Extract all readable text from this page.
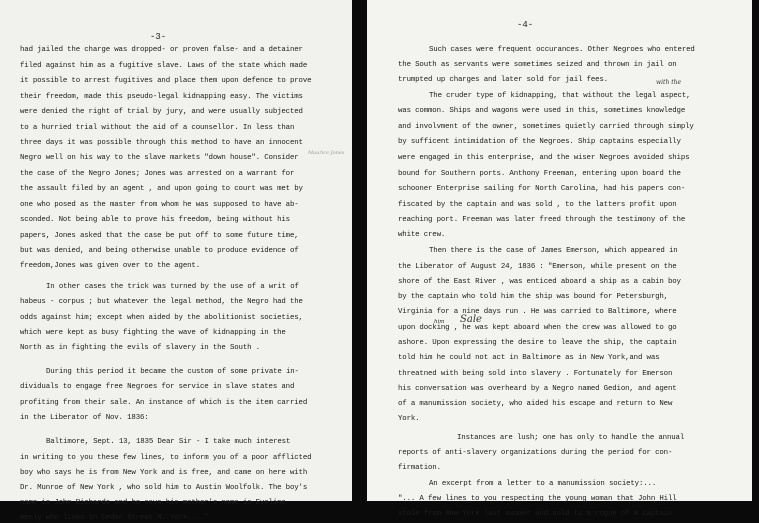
-3-
Maurice Jones
had jailed the charge was dropped- or proven false- and a detainer
filed against him as a fugitive slave. Laws of the state which made
it possible to arrest fugitives and place them upon defence to prove
their freedom, made this pseudo-legal kidnapping easy. The victims
were denied the right of trial by jury, and were usually subjected
to a hurried trial without the aid of a counsellor. In less than
three days it was possible through this method to have an innocent
Negro well on his way to the slave markets "down house". Consider
the case of the Negro Jones; Jones was arrested on a warrant for
the assault filed by an agent , and upon going to court was met by
one who posed as the master from whom he was supposed to have ab-
sconded. Not being able to prove his freedom, being without his
papers, Jones asked that the case be put off to some future time,
but was denied, and being otherwise unable to produce evidence of
freedom,Jones was given over to the agent.
In other cases the trick was turned by the use of a writ of
habeus - corpus ; but whatever the legal method, the Negro had the
odds against him; except when aided by the abolitionist societies,
which were kept as busy fighting the wave of kidnapping in the
North as in fighting the evils of slavery in the South .
During this period it became the custom of some private in-
dividuals to engage free Negroes for service in slave states and
profiting from their sale. An instance of which is the item carried
in the Liberator of Nov. 1836:
Baltimore, Sept. 13, 1835 Dear Sir - I take much interest
in writing to you these few lines, to inform you of a poor afflicted
boy who says he is from New York and is free, and came on here with
Dr. Munroe of New York , who sold him to Austin Woolfolk. The boy's
name is John Richards and he says his mother's name is Eveline
Wenly who lives in Cedar Street N. York...."
-4-
with the
him Sale
Such cases were frequent occurances. Other Negroes who entered
the South as servants were sometimes seized and thrown in jail on
trumpted up charges and later sold for jail fees.
The cruder type of kidnapping, that without the legal aspect,
was common. Ships and wagons were used in this, sometimes knowledge
and involvment of the owner, sometimes quietly carried through simply
by sufficent intimidation of the Negroes. Ship captains especially
were engaged in this enterprise, and the wiser Negroes avoided ships
bound for Southern ports. Anthony Freeman, entering upon board the
schooner Enterprise sailing for North Carolina, had his papers con-
fiscated by the captain and was sold , to the latters profit upon
reaching port. Freeman was later freed through the testimony of the
white crew.
Then there is the case of James Emerson, which appeared in
the Liberator of August 24, 1836 : "Emerson, while present on the
shore of the East River , was enticed aboard a ship as a cabin boy
by the captain who told him the ship was bound for Petersburgh,
Virginia for a nine days run . He was carried to Baltimore, where
upon docking , he was kept aboard when the crew was allowed to go
ashore. Upon expressing the desire to leave the ship, the captain
told him he could not act in Baltimore as in New York,and was
threatned with being sold into slavery . Fortunately for Emerson
his conversation was overheard by a Negro named Gedion, and agent
of a manumission society, who aided his escape and return to New
York.
Instances are lush; one has only to handle the annual
reports of anti-slavery organizations during the period for con-
firmation.
An excerpt from a letter to a manumission society:...
"... A few lines to you respecting the young woman that John Hill
stole from New York last summer and sold to a rogue of a captain
